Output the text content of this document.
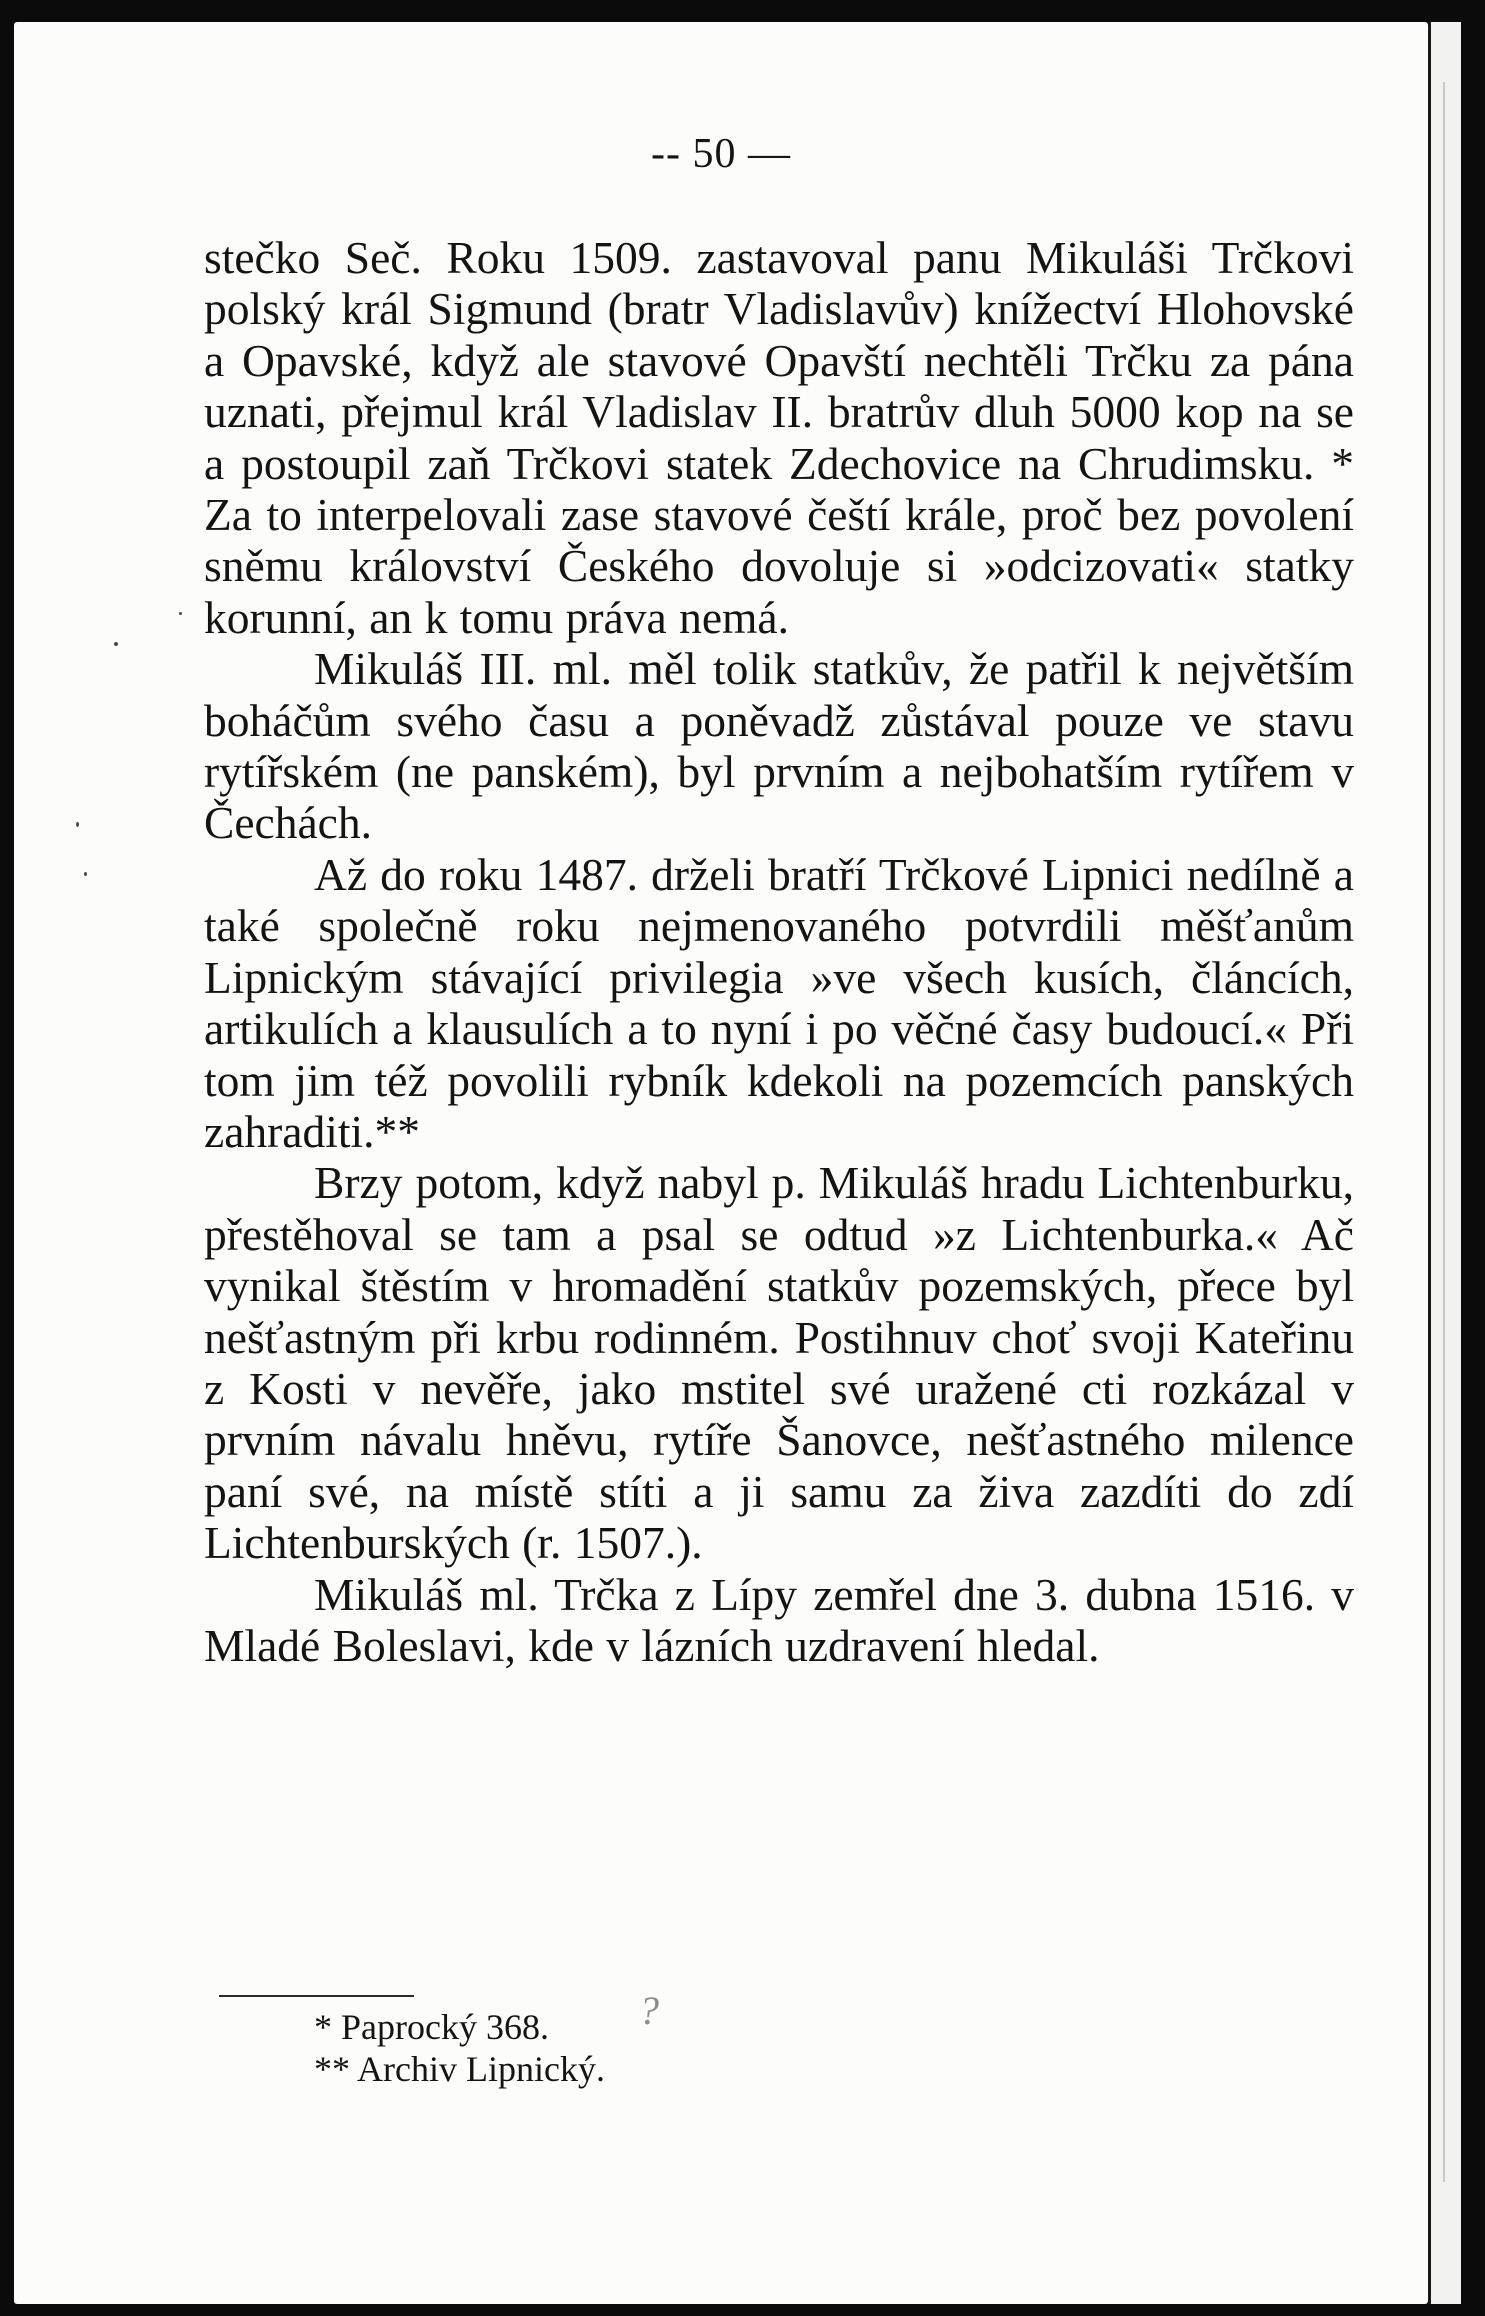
-- 50 —

stečko Seč. Roku 1509. zastavoval panu Mikuláši Trčkovi polský král Sigmund (bratr Vladislavův) knížectví Hlohovské a Opavské, když ale stavové Opavští nechtěli Trčku za pána uznati, přejmul král Vladislav II. bratrův dluh 5000 kop na se a postoupil zaň Trčkovi statek Zdechovice na Chrudimsku. * Za to interpelovali zase stavové čeští krále, proč bez povolení sněmu království Českého dovoluje si »odcizovati« statky korunní, an k tomu práva nemá.

Mikuláš III. ml. měl tolik statkův, že patřil k největším boháčům svého času a poněvadž zůstával pouze ve stavu rytířském (ne panském), byl prvním a nejbohatším rytířem v Čechách.

Až do roku 1487. drželi bratří Trčkové Lipnici nedílně a také společně roku nejmenovaného potvrdili měšťanům Lipnickým stávající privilegia »ve všech kusích, článcích, artikulích a klausulích a to nyní i po věčné časy budoucí.« Při tom jim též povolili rybník kdekoli na pozemcích panských zahraditi.**

Brzy potom, když nabyl p. Mikuláš hradu Lichtenburku, přestěhoval se tam a psal se odtud »z Lichtenburka.« Ač vynikal štěstím v hromadění statkův pozemských, přece byl nešťastným při krbu rodinném. Postihnuv choť svoji Kateřinu z Kosti v nevěře, jako mstitel své uražené cti rozkázal v prvním návalu hněvu, rytíře Šanovce, nešťastného milence paní své, na místě stíti a ji samu za živa zazdíti do zdí Lichtenburských (r. 1507.).

Mikuláš ml. Trčka z Lípy zemřel dne 3. dubna 1516. v Mladé Boleslavi, kde v lázních uzdravení hledal.

* Paprocký 368.
** Archiv Lipnický.
?
